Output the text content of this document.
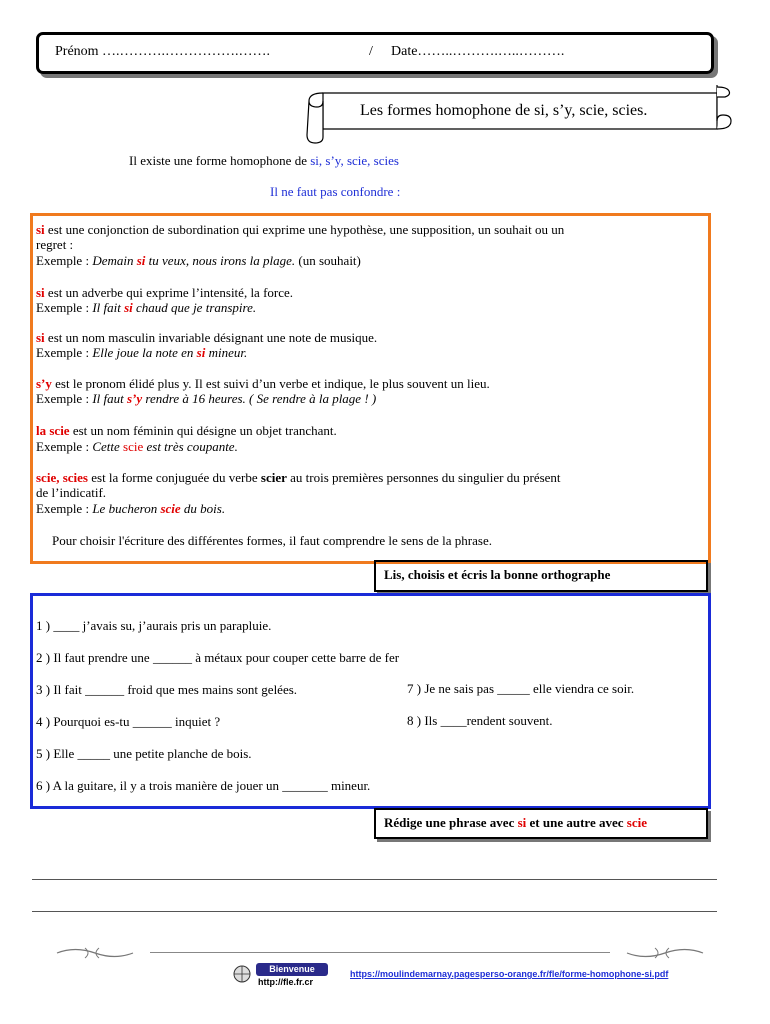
Prénom ….……….…………….…….	/ Date……..……….…..……….
Les formes homophone de si, s’y, scie, scies.
Il existe une forme homophone de si, s’y, scie, scies
Il ne faut pas confondre :
si est une conjonction de subordination qui exprime une hypothèse, une supposition, un souhait ou un
regret :
Exemple : Demain si tu veux, nous irons la plage. (un souhait)
si est un adverbe qui exprime l’intensité, la force.
Exemple : Il fait si chaud que je transpire.
si est un nom masculin invariable désignant une note de musique.
Exemple : Elle joue la note en si mineur.
s’y est le pronom élidé plus y. Il est suivi d’un verbe et indique, le plus souvent un lieu.
Exemple : Il faut s’y rendre à 16 heures. ( Se rendre à la plage ! )
la scie est un nom féminin qui désigne un objet tranchant.
Exemple : Cette scie est très coupante.
scie, scies est la forme conjuguée du verbe scier au trois premières personnes du singulier du présent
de l’indicatif.
Exemple : Le bucheron scie du bois.
Pour choisir l'écriture des différentes formes, il faut comprendre le sens de la phrase.
Lis, choisis et écris la bonne orthographe
1 ) ____ j’avais su, j’aurais pris un parapluie.
2 ) Il faut prendre une ______ à métaux pour couper cette barre de fer
3 ) Il fait ______ froid que mes mains sont gelées.	7 ) Je ne sais pas _____ elle viendra ce soir.
4 ) Pourquoi es-tu ______ inquiet ?	8 ) Ils ____rendent souvent.
5 ) Elle _____ une petite planche de bois.
6 ) A la guitare, il y a trois manière de jouer un _______ mineur.
Rédige une phrase avec si et une autre avec scie
Bienvenue
http://fle.fr.cr
https://moulindemarnay.pagesperso-orange.fr/fle/forme-homophone-si.pdf
